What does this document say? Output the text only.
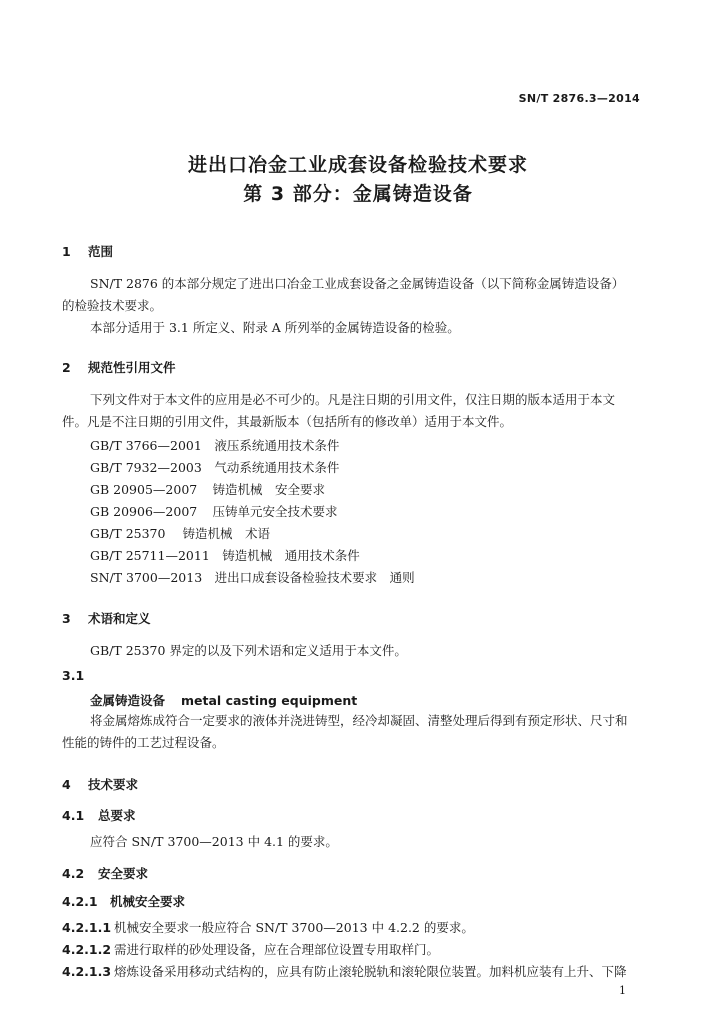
SN/T 2876.3—2014
进出口冶金工业成套设备检验技术要求
第 3 部分：金属铸造设备
1 范围
SN/T 2876 的本部分规定了进出口冶金工业成套设备之金属铸造设备（以下简称金属铸造设备）
的检验技术要求。
本部分适用于 3.1 所定义、附录 A 所列举的金属铸造设备的检验。
2 规范性引用文件
下列文件对于本文件的应用是必不可少的。凡是注日期的引用文件，仅注日期的版本适用于本文
件。凡是不注日期的引用文件，其最新版本（包括所有的修改单）适用于本文件。
GB/T 3766—2001　 液压系统通用技术条件
GB/T 7932—2003　 气动系统通用技术条件
GB 20905—2007　 铸造机械　安全要求
GB 20906—2007　 压铸单元安全技术要求
GB/T 25370　 铸造机械　术语
GB/T 25711—2011　 铸造机械　通用技术条件
SN/T 3700—2013　 进出口成套设备检验技术要求　通则
3 术语和定义
GB/T 25370 界定的以及下列术语和定义适用于本文件。
3.1
金属铸造设备 metal casting equipment
将金属熔炼成符合一定要求的液体并浇进铸型，经冷却凝固、清整处理后得到有预定形状、尺寸和
性能的铸件的工艺过程设备。
4 技术要求
4.1 总要求
应符合 SN/T 3700—2013 中 4.1 的要求。
4.2 安全要求
4.2.1 机械安全要求
4.2.1.1 机械安全要求一般应符合 SN/T 3700—2013 中 4.2.2 的要求。
4.2.1.2 需进行取样的砂处理设备，应在合理部位设置专用取样门。
4.2.1.3 熔炼设备采用移动式结构的，应具有防止滚轮脱轨和滚轮限位装置。加料机应装有上升、下降
1
